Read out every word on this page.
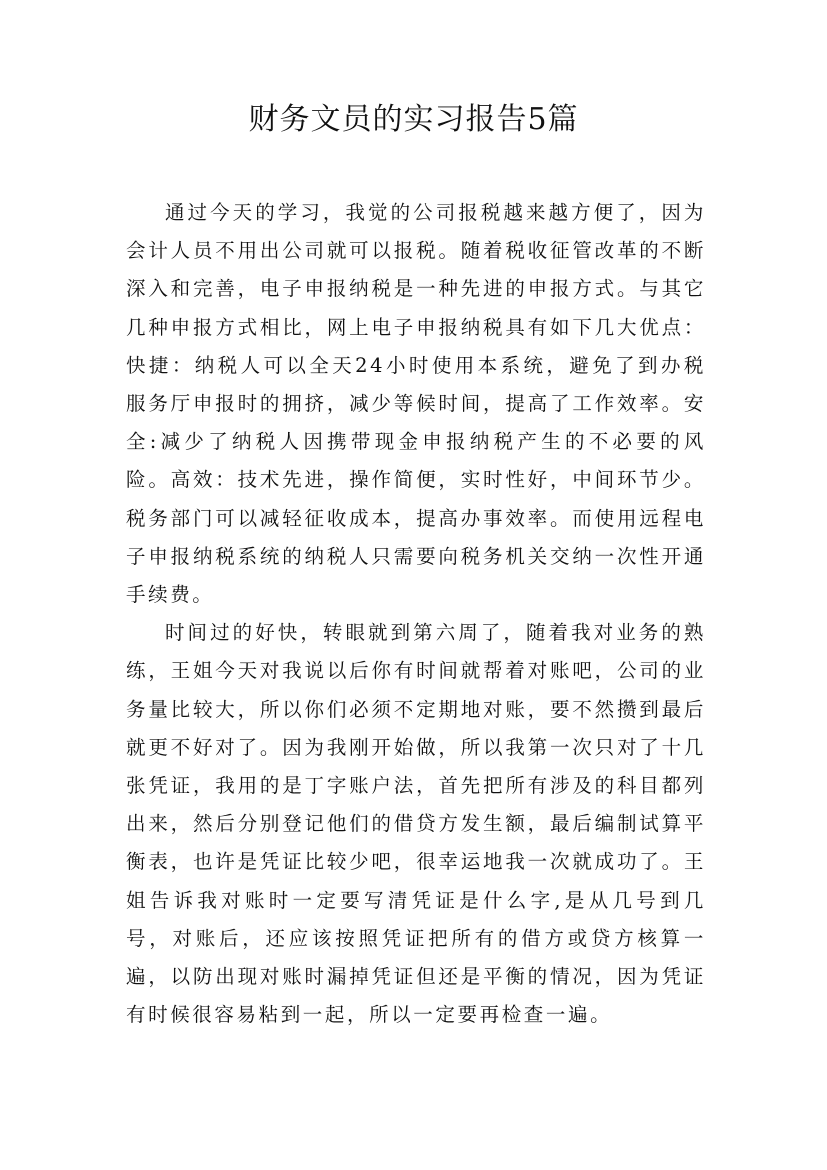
财务文员的实习报告5篇

通过今天的学习，我觉的公司报税越来越方便了，因为会计人员不用出公司就可以报税。随着税收征管改革的不断深入和完善，电子申报纳税是一种先进的申报方式。与其它几种申报方式相比，网上电子申报纳税具有如下几大优点：快捷：纳税人可以全天24小时使用本系统，避免了到办税服务厅申报时的拥挤，减少等候时间，提高了工作效率。安全:减少了纳税人因携带现金申报纳税产生的不必要的风险。高效：技术先进，操作简便，实时性好，中间环节少。税务部门可以减轻征收成本，提高办事效率。而使用远程电子申报纳税系统的纳税人只需要向税务机关交纳一次性开通手续费。

时间过的好快，转眼就到第六周了，随着我对业务的熟练，王姐今天对我说以后你有时间就帮着对账吧，公司的业务量比较大，所以你们必须不定期地对账，要不然攒到最后就更不好对了。因为我刚开始做，所以我第一次只对了十几张凭证，我用的是丁字账户法，首先把所有涉及的科目都列出来，然后分别登记他们的借贷方发生额，最后编制试算平衡表，也许是凭证比较少吧，很幸运地我一次就成功了。王姐告诉我对账时一定要写清凭证是什么字,是从几号到几号，对账后，还应该按照凭证把所有的借方或贷方核算一遍，以防出现对账时漏掉凭证但还是平衡的情况，因为凭证有时候很容易粘到一起，所以一定要再检查一遍。
